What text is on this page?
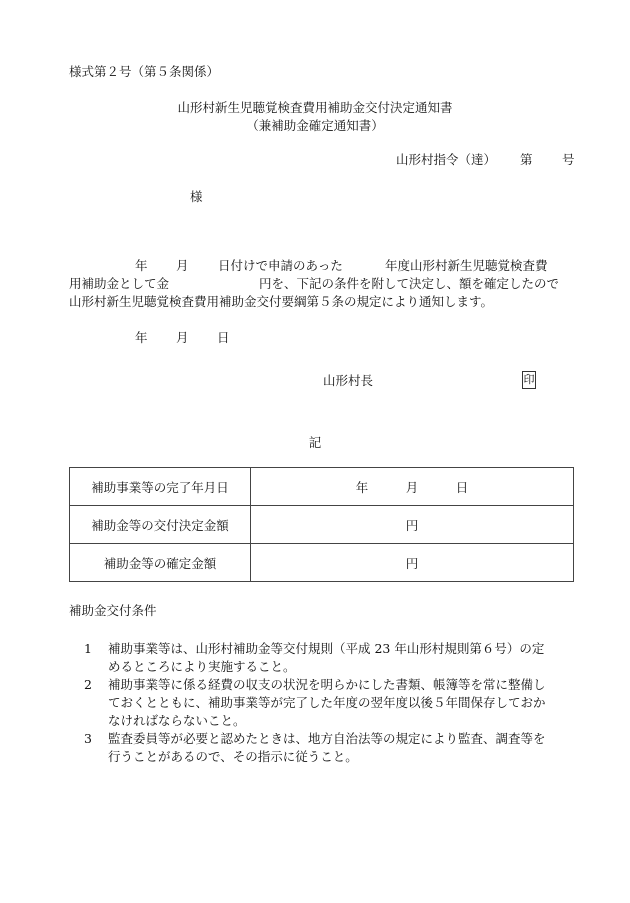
様式第２号（第５条関係）
山形村新生児聴覚検査費用補助金交付決定通知書
（兼補助金確定通知書）
山形村指令（達） 第 号
様
年 月 日付けで申請のあった	年度山形村新生児聴覚検査費
用補助金として金	円を、下記の条件を附して決定し、額を確定したので
山形村新生児聴覚検査費用補助金交付要綱第５条の規定により通知します。
年 月 日
山形村長	印
記
補助事業等の完了年月日	年　　　月　　　日
補助金等の交付決定金額	円
補助金等の確定金額	円
補助金交付条件
1 補助事業等は、山形村補助金等交付規則（平成 23 年山形村規則第６号）の定
めるところにより実施すること。
2 補助事業等に係る経費の収支の状況を明らかにした書類、帳簿等を常に整備し
ておくとともに、補助事業等が完了した年度の翌年度以後５年間保存しておか
なければならないこと。
3 監査委員等が必要と認めたときは、地方自治法等の規定により監査、調査等を
行うことがあるので、その指示に従うこと。
